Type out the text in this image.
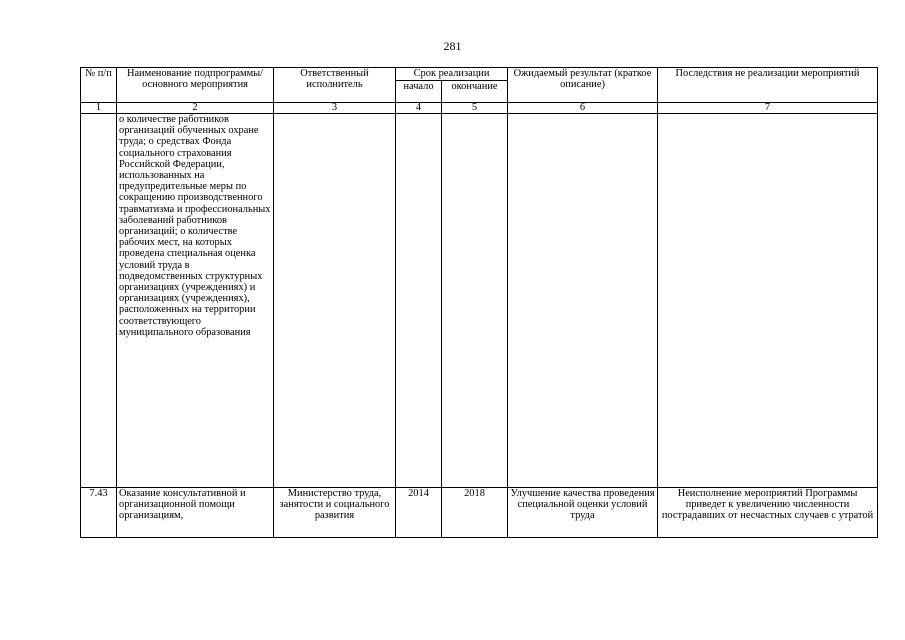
281
№ п/п	Наименование подпрограммы/ основного мероприятия	Ответственный исполнитель	Срок реализации		Ожидаемый результат (краткое описание)	Последствия не реализации мероприятий
			начало	окончание		
1	2	3	4	5	6	7
	о количестве работников организаций обученных охране труда; о средствах Фонда социального страхования Российской Федерации, использованных на предупредительные меры по сокращению производственного травматизма и профессиональных заболеваний работников организаций; о количестве рабочих мест, на которых проведена специальная оценка условий труда в подведомственных структурных организациях (учреждениях) и организациях (учреждениях), расположенных на территории соответствующего муниципального образования					
7.43	Оказание консультативной и организационной помощи организациям,	Министерство труда, занятости и социального развития	2014	2018	Улучшение качества проведения специальной оценки условий труда	Неисполнение мероприятий Программы приведет к увеличению численности пострадавших от несчастных случаев с утратой
